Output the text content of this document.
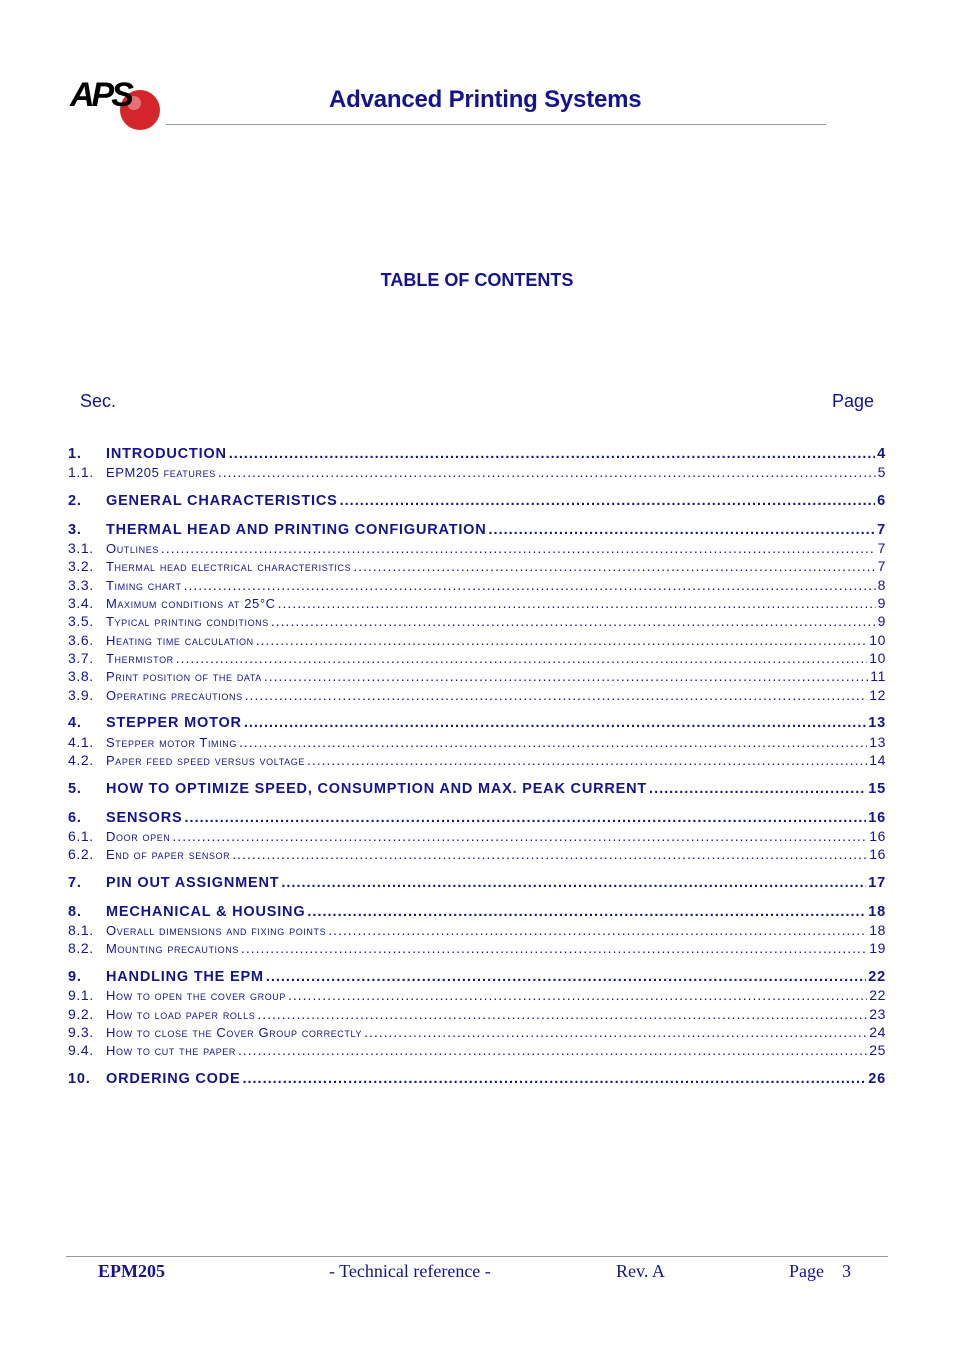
APS	Advanced Printing Systems
TABLE OF CONTENTS
Sec.	Page
1.	INTRODUCTION .....	4
1.1. EPM205 features .....	5
2.	GENERAL CHARACTERISTICS .....	6
3.	THERMAL HEAD AND PRINTING CONFIGURATION .....	7
3.1. Outlines .....	7
3.2. Thermal head electrical characteristics .....	7
3.3. Timing chart .....	8
3.4. Maximum conditions at 25°C .....	9
3.5. Typical printing conditions .....	9
3.6. Heating time calculation .....	10
3.7. Thermistor .....	10
3.8. Print position of the data .....	11
3.9. Operating precautions .....	12
4.	STEPPER MOTOR .....	13
4.1. Stepper motor Timing .....	13
4.2. Paper feed speed versus voltage .....	14
5.	HOW TO OPTIMIZE SPEED, CONSUMPTION AND MAX. PEAK CURRENT .....	15
6.	SENSORS .....	16
6.1. Door open .....	16
6.2. End of paper sensor .....	16
7.	PIN OUT ASSIGNMENT .....	17
8.	MECHANICAL & HOUSING .....	18
8.1. Overall dimensions and fixing points .....	18
8.2. Mounting precautions .....	19
9.	HANDLING THE EPM .....	22
9.1. How to open the cover group .....	22
9.2. How to load paper rolls .....	23
9.3. How to close the Cover Group correctly .....	24
9.4. How to cut the paper .....	25
10.	ORDERING CODE .....	26
EPM205	- Technical reference -	Rev. A	Page    3
